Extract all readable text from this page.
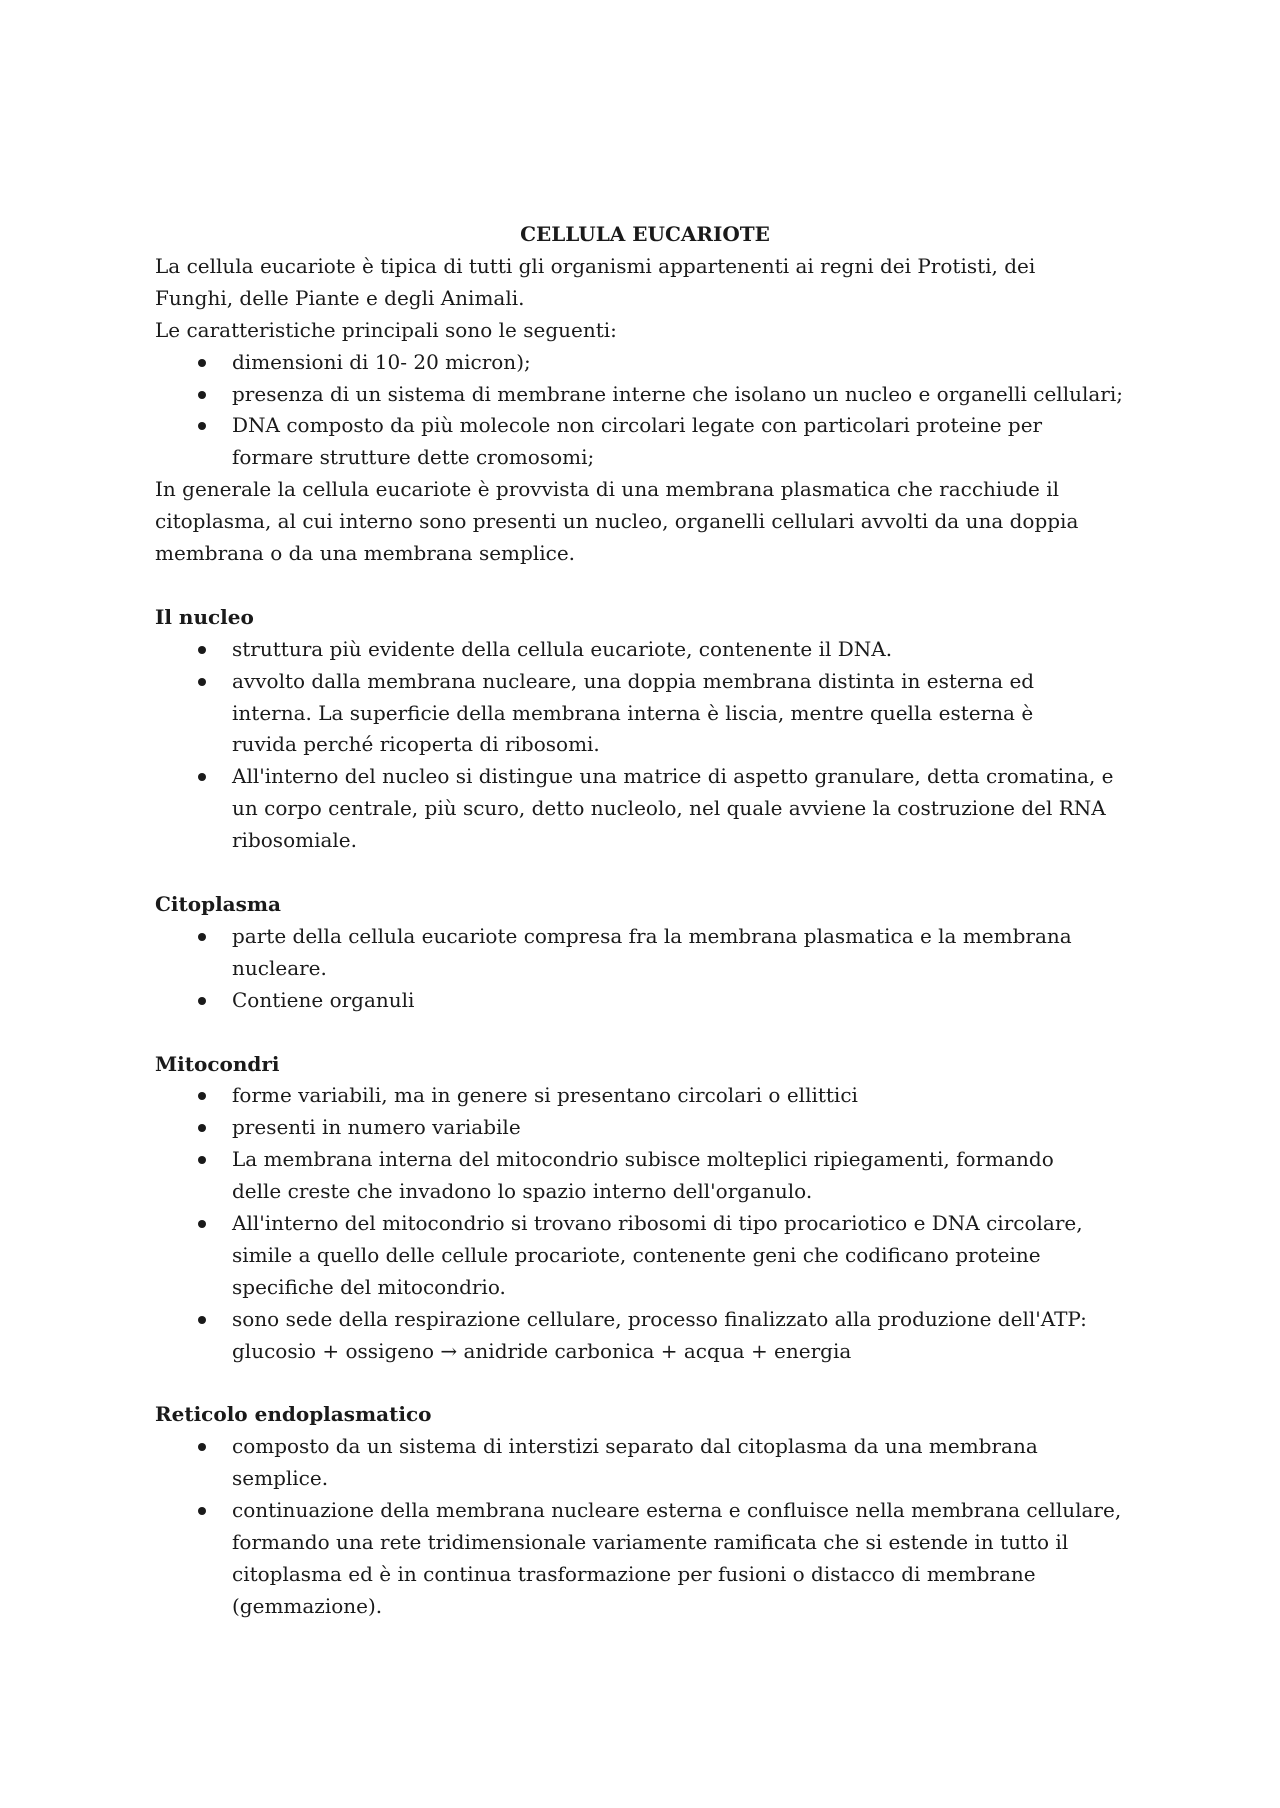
CELLULA EUCARIOTE

La cellula eucariote è tipica di tutti gli organismi appartenenti ai regni dei Protisti, dei Funghi, delle Piante e degli Animali.

Le caratteristiche principali sono le seguenti:

dimensioni di 10- 20 micron);
presenza di un sistema di membrane interne che isolano un nucleo e organelli cellulari;
DNA composto da più molecole non circolari legate con particolari proteine per formare strutture dette cromosomi;

In generale la cellula eucariote è provvista di una membrana plasmatica che racchiude il citoplasma, al cui interno sono presenti un nucleo, organelli cellulari avvolti da una doppia membrana o da una membrana semplice.

Il nucleo

struttura più evidente della cellula eucariote, contenente il DNA.
avvolto dalla membrana nucleare, una doppia membrana distinta in esterna ed interna. La superficie della membrana interna è liscia, mentre quella esterna è ruvida perché ricoperta di ribosomi.
All'interno del nucleo si distingue una matrice di aspetto granulare, detta cromatina, e un corpo centrale, più scuro, detto nucleolo, nel quale avviene la costruzione del RNA ribosomiale.

Citoplasma

parte della cellula eucariote compresa fra la membrana plasmatica e la membrana nucleare.
Contiene organuli

Mitocondri

forme variabili, ma in genere si presentano circolari o ellittici
presenti in numero variabile
La membrana interna del mitocondrio subisce molteplici ripiegamenti, formando delle creste che invadono lo spazio interno dell'organulo.
All'interno del mitocondrio si trovano ribosomi di tipo procariotico e DNA circolare, simile a quello delle cellule procariote, contenente geni che codificano proteine specifiche del mitocondrio.
sono sede della respirazione cellulare, processo finalizzato alla produzione dell'ATP: glucosio + ossigeno → anidride carbonica + acqua + energia

Reticolo endoplasmatico

composto da un sistema di interstizi separato dal citoplasma da una membrana semplice.
continuazione della membrana nucleare esterna e confluisce nella membrana cellulare, formando una rete tridimensionale variamente ramificata che si estende in tutto il citoplasma ed è in continua trasformazione per fusioni o distacco di membrane (gemmazione).
